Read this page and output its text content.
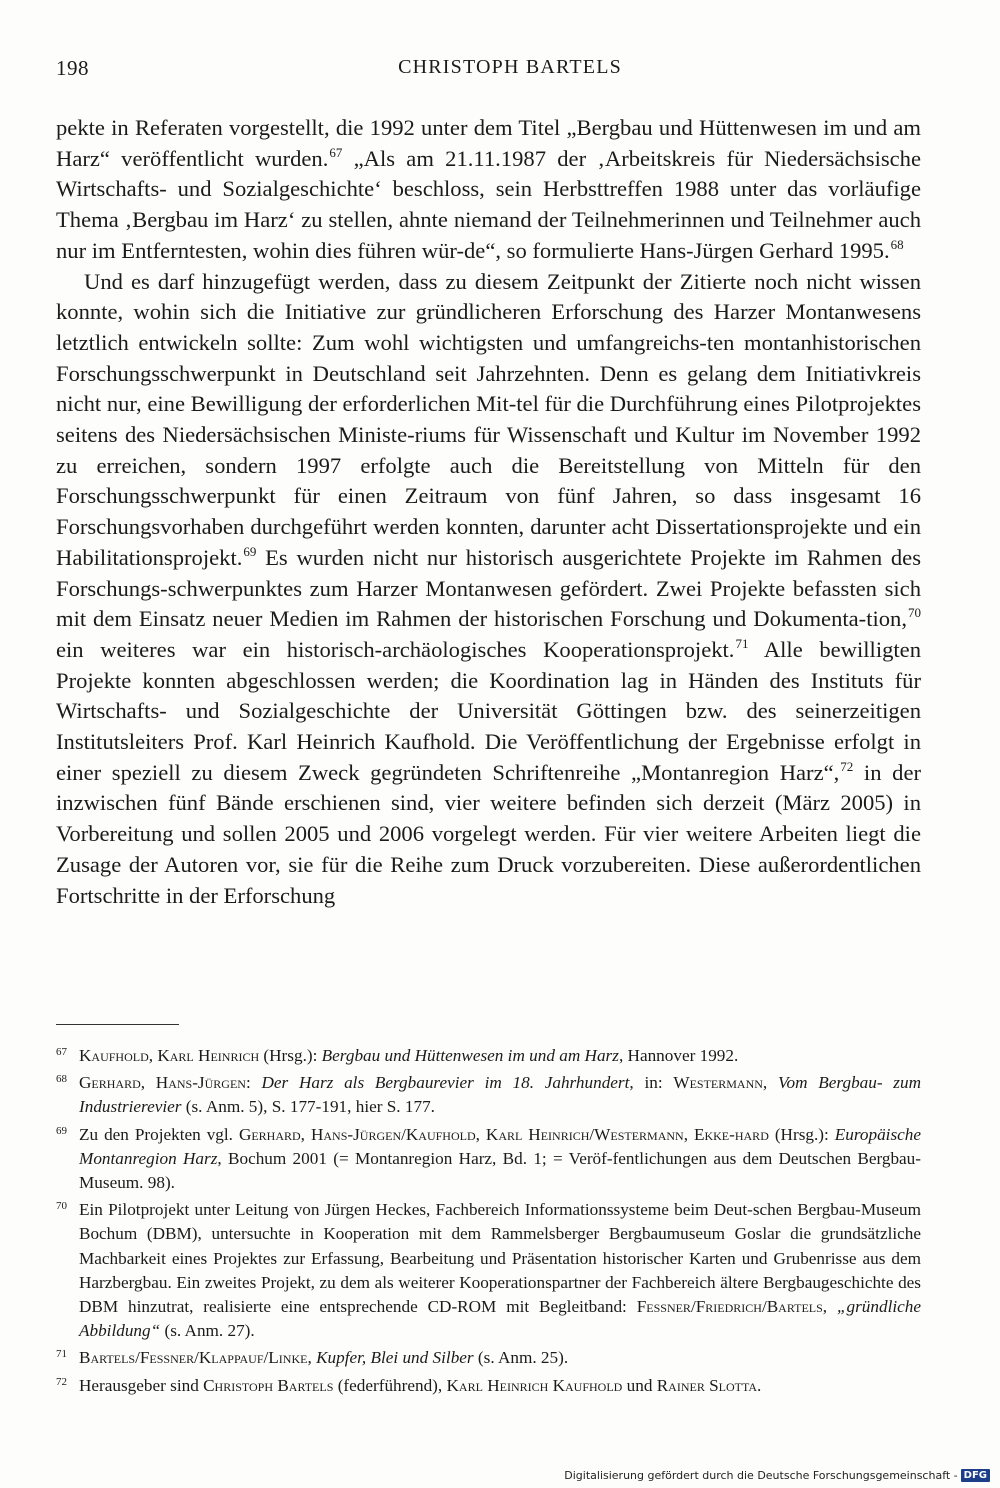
198	CHRISTOPH BARTELS

pekte in Referaten vorgestellt, die 1992 unter dem Titel „Bergbau und Hüttenwesen im und am Harz“ veröffentlicht wurden.$^{67}$ „Als am 21.11.1987 der ‚Arbeitskreis für Niedersächsische Wirtschafts- und Sozialgeschichte‘ beschloss, sein Herbsttreffen 1988 unter das vorläufige Thema ‚Bergbau im Harz‘ zu stellen, ahnte niemand der Teilnehmerinnen und Teilnehmer auch nur im Entferntesten, wohin dies führen wür-de“, so formulierte Hans-Jürgen Gerhard 1995.68

Und es darf hinzugefügt werden, dass zu diesem Zeitpunkt der Zitierte noch nicht wissen konnte, wohin sich die Initiative zur gründlicheren Erforschung des Harzer Montanwesens letztlich entwickeln sollte: Zum wohl wichtigsten und umfangreichs-ten montanhistorischen Forschungsschwerpunkt in Deutschland seit Jahrzehnten. Denn es gelang dem Initiativkreis nicht nur, eine Bewilligung der erforderlichen Mit-tel für die Durchführung eines Pilotprojektes seitens des Niedersächsischen Ministe-riums für Wissenschaft und Kultur im November 1992 zu erreichen, sondern 1997 erfolgte auch die Bereitstellung von Mitteln für den Forschungsschwerpunkt für einen Zeitraum von fünf Jahren, so dass insgesamt 16 Forschungsvorhaben durchgeführt werden konnten, darunter acht Dissertationsprojekte und ein Habilitationsprojekt.$^{69}$ Es wurden nicht nur historisch ausgerichtete Projekte im Rahmen des Forschungs-schwerpunktes zum Harzer Montanwesen gefördert. Zwei Projekte befassten sich mit dem Einsatz neuer Medien im Rahmen der historischen Forschung und Dokumenta-tion,$^{70}$ ein weiteres war ein historisch-archäologisches Kooperationsprojekt.$^{71}$ Alle bewilligten Projekte konnten abgeschlossen werden; die Koordination lag in Händen des Instituts für Wirtschafts- und Sozialgeschichte der Universität Göttingen bzw. des seinerzeitigen Institutsleiters Prof. Karl Heinrich Kaufhold. Die Veröffentlichung der Ergebnisse erfolgt in einer speziell zu diesem Zweck gegründeten Schriftenreihe „Montanregion Harz“,$^{72}$ in der inzwischen fünf Bände erschienen sind, vier weitere befinden sich derzeit (März 2005) in Vorbereitung und sollen 2005 und 2006 vorgelegt werden. Für vier weitere Arbeiten liegt die Zusage der Autoren vor, sie für die Reihe zum Druck vorzubereiten. Diese außerordentlichen Fortschritte in der Erforschung

67 Kaufhold, Karl Heinrich (Hrsg.): Bergbau und Hüttenwesen im und am Harz, Hannover 1992.
68 Gerhard, Hans-Jürgen: Der Harz als Bergbaurevier im 18. Jahrhundert, in: Westermann, Vom Bergbau- zum Industrierevier (s. Anm. 5), S. 177-191, hier S. 177.
69 Zu den Projekten vgl. Gerhard, Hans-Jürgen/Kaufhold, Karl Heinrich/Westermann, Ekke-hard (Hrsg.): Europäische Montanregion Harz, Bochum 2001 (= Montanregion Harz, Bd. 1; = Veröf-fentlichungen aus dem Deutschen Bergbau-Museum. 98).
70 Ein Pilotprojekt unter Leitung von Jürgen Heckes, Fachbereich Informationssysteme beim Deut-schen Bergbau-Museum Bochum (DBM), untersuchte in Kooperation mit dem Rammelsberger Bergbaumuseum Goslar die grundsätzliche Machbarkeit eines Projektes zur Erfassung, Bearbeitung und Präsentation historischer Karten und Grubenrisse aus dem Harzbergbau. Ein zweites Projekt, zu dem als weiterer Kooperationspartner der Fachbereich ältere Bergbaugeschichte des DBM hinzutrat, realisierte eine entsprechende CD-ROM mit Begleitband: Fessner/Friedrich/Bartels, „gründliche Abbildung“ (s. Anm. 27).
71 Bartels/Fessner/Klappauf/Linke, Kupfer, Blei und Silber (s. Anm. 25).
72 Herausgeber sind Christoph Bartels (federführend), Karl Heinrich Kaufhold und Rainer Slotta.
Digitalisierung gefördert durch die Deutsche Forschungsgemeinschaft - DFG
